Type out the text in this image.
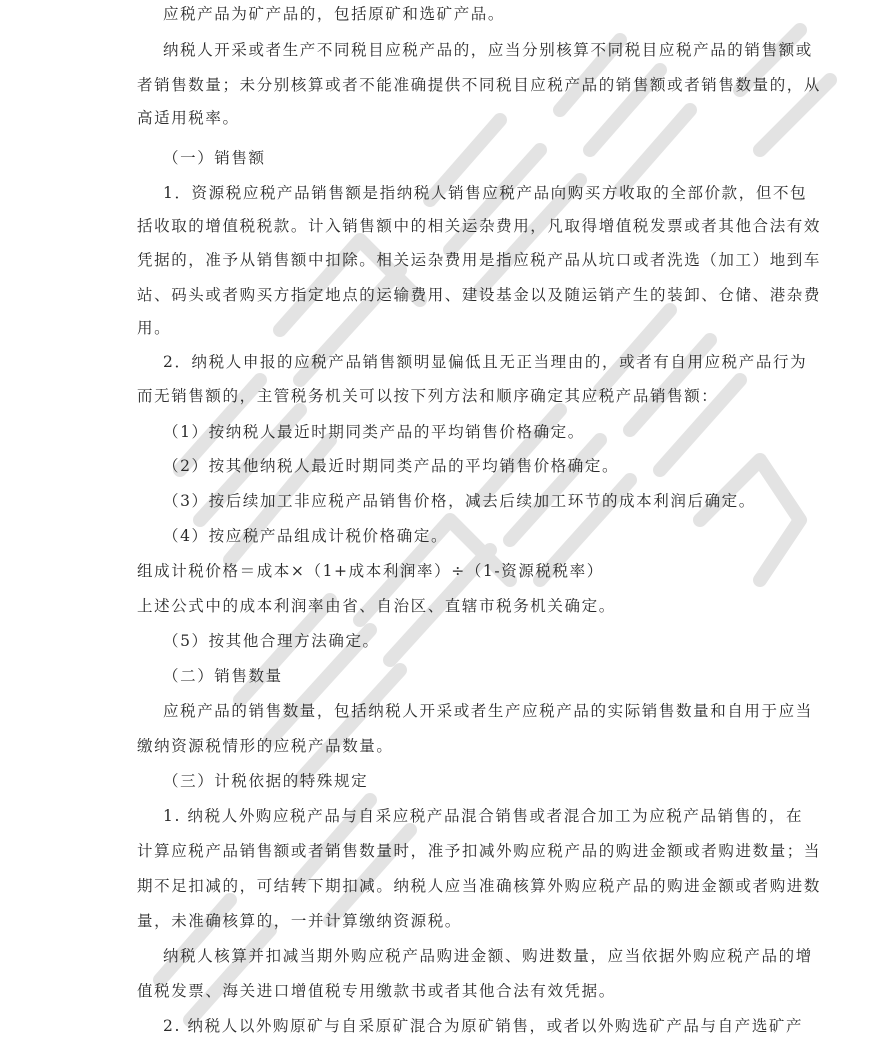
应税产品为矿产品的，包括原矿和选矿产品。
纳税人开采或者生产不同税目应税产品的，应当分别核算不同税目应税产品的销售额或
者销售数量；未分别核算或者不能准确提供不同税目应税产品的销售额或者销售数量的，从
高适用税率。
（一）销售额
1．资源税应税产品销售额是指纳税人销售应税产品向购买方收取的全部价款，但不包
括收取的增值税税款。计入销售额中的相关运杂费用，凡取得增值税发票或者其他合法有效
凭据的，准予从销售额中扣除。相关运杂费用是指应税产品从坑口或者洗选（加工）地到车
站、码头或者购买方指定地点的运输费用、建设基金以及随运销产生的装卸、仓储、港杂费
用。
2．纳税人申报的应税产品销售额明显偏低且无正当理由的，或者有自用应税产品行为
而无销售额的，主管税务机关可以按下列方法和顺序确定其应税产品销售额：
（1）按纳税人最近时期同类产品的平均销售价格确定。
（2）按其他纳税人最近时期同类产品的平均销售价格确定。
（3）按后续加工非应税产品销售价格，减去后续加工环节的成本利润后确定。
（4）按应税产品组成计税价格确定。
组成计税价格＝成本×（1+成本利润率）÷（1-资源税税率）
上述公式中的成本利润率由省、自治区、直辖市税务机关确定。
（5）按其他合理方法确定。
（二）销售数量
应税产品的销售数量，包括纳税人开采或者生产应税产品的实际销售数量和自用于应当
缴纳资源税情形的应税产品数量。
（三）计税依据的特殊规定
1. 纳税人外购应税产品与自采应税产品混合销售或者混合加工为应税产品销售的，在
计算应税产品销售额或者销售数量时，准予扣减外购应税产品的购进金额或者购进数量；当
期不足扣减的，可结转下期扣减。纳税人应当准确核算外购应税产品的购进金额或者购进数
量，未准确核算的，一并计算缴纳资源税。
纳税人核算并扣减当期外购应税产品购进金额、购进数量，应当依据外购应税产品的增
值税发票、海关进口增值税专用缴款书或者其他合法有效凭据。
2. 纳税人以外购原矿与自采原矿混合为原矿销售，或者以外购选矿产品与自产选矿产
